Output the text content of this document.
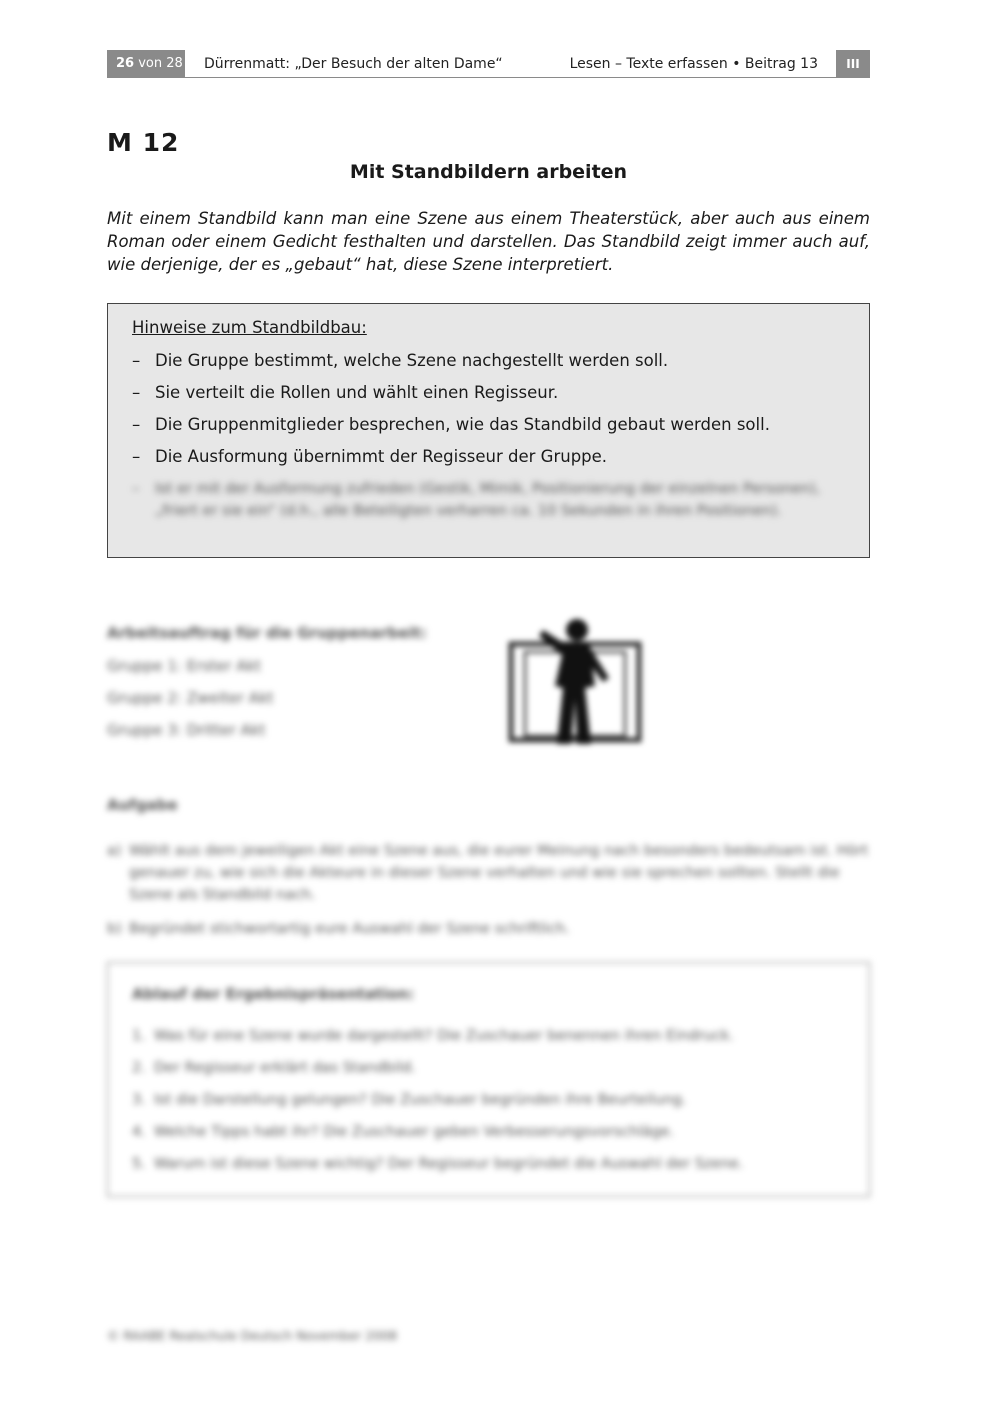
26 von 28 Dürrenmatt: „Der Besuch der alten Dame“	Lesen – Texte erfassen • Beitrag 13	III
M 12
Mit Standbildern arbeiten

Mit einem Standbild kann man eine Szene aus einem Theaterstück, aber auch aus einem Roman oder einem Gedicht festhalten und darstellen. Das Standbild zeigt immer auch auf, wie derjenige, der es „gebaut“ hat, diese Szene interpretiert.

Hinweise zum Standbildbau:
– Die Gruppe bestimmt, welche Szene nachgestellt werden soll.
– Sie verteilt die Rollen und wählt einen Regisseur.
– Die Gruppenmitglieder besprechen, wie das Standbild gebaut werden soll.
– Die Ausformung übernimmt der Regisseur der Gruppe.
– Ist er mit der Ausformung zufrieden (Gestik, Mimik, Positionierung der einzelnen Personen), „friert er sie ein“ (d.h., alle Beteiligten verharren ca. 10 Sekunden in ihren Positionen).
Arbeitsauftrag für die Gruppenarbeit:
Gruppe 1: Erster Akt
Gruppe 2: Zweiter Akt
Gruppe 3: Dritter Akt
Aufgabe
a) Wählt aus dem jeweiligen Akt eine Szene aus, die eurer Meinung nach besonders bedeutsam ist. Hört genauer zu, wie sich die Akteure in dieser Szene verhalten und wie sie sprechen sollten. Stellt die Szene als Standbild nach.
b) Begründet stichwortartig eure Auswahl der Szene schriftlich.
Ablauf der Ergebnispräsentation:
1. Was für eine Szene wurde dargestellt? Die Zuschauer benennen ihren Eindruck.
2. Der Regisseur erklärt das Standbild.
3. Ist die Darstellung gelungen? Die Zuschauer begründen ihre Beurteilung.
4. Welche Tipps habt ihr? Die Zuschauer geben Verbesserungsvorschläge.
5. Warum ist diese Szene wichtig? Der Regisseur begründet die Auswahl der Szene.
© RAABE Realschule Deutsch November 2008
